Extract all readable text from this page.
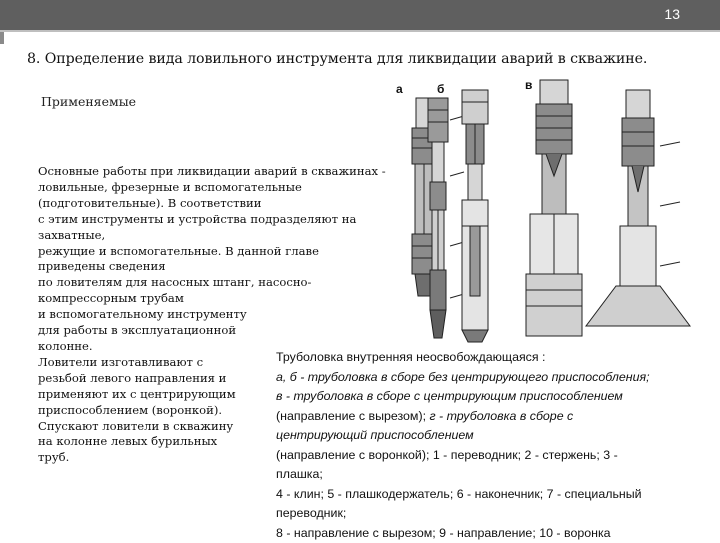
13
8. Определение вида ловильного инструмента для ликвидации аварий в скважине.
Применяемые
Основные работы при ликвидации аварий в скважинах -
ловильные, фрезерные и вспомогательные
(подготовительные). В соответствии
с этим инструменты и устройства подразделяют на
захватные,
режущие и вспомогательные. В данной главе
приведены сведения
по ловителям для насосных штанг, насосно-
компрессорным трубам
и вспомогательному инструменту
для работы в эксплуатационной
колонне.
Ловители изготавливают с
резьбой левого направления и
применяют их с центрирующим
приспособлением (воронкой).
Спускают ловители в скважину
на колонне левых бурильных
труб.
а	б	в
Труболовка внутренняя неосвобождающаяся :
а, б - труболовка в сборе без центрирующего приспособления;
в - труболовка в сборе с центрирующим приспособлением
(направление с вырезом); г - труболовка в сборе с
центрирующий приспособлением
(направление с воронкой); 1 - переводник; 2 - стержень; 3 -
плашка;
4 - клин; 5 - плашкодержатель; 6 - наконечник; 7 - специальный
переводник;
8 - направление с вырезом; 9 - направление; 10 - воронка
